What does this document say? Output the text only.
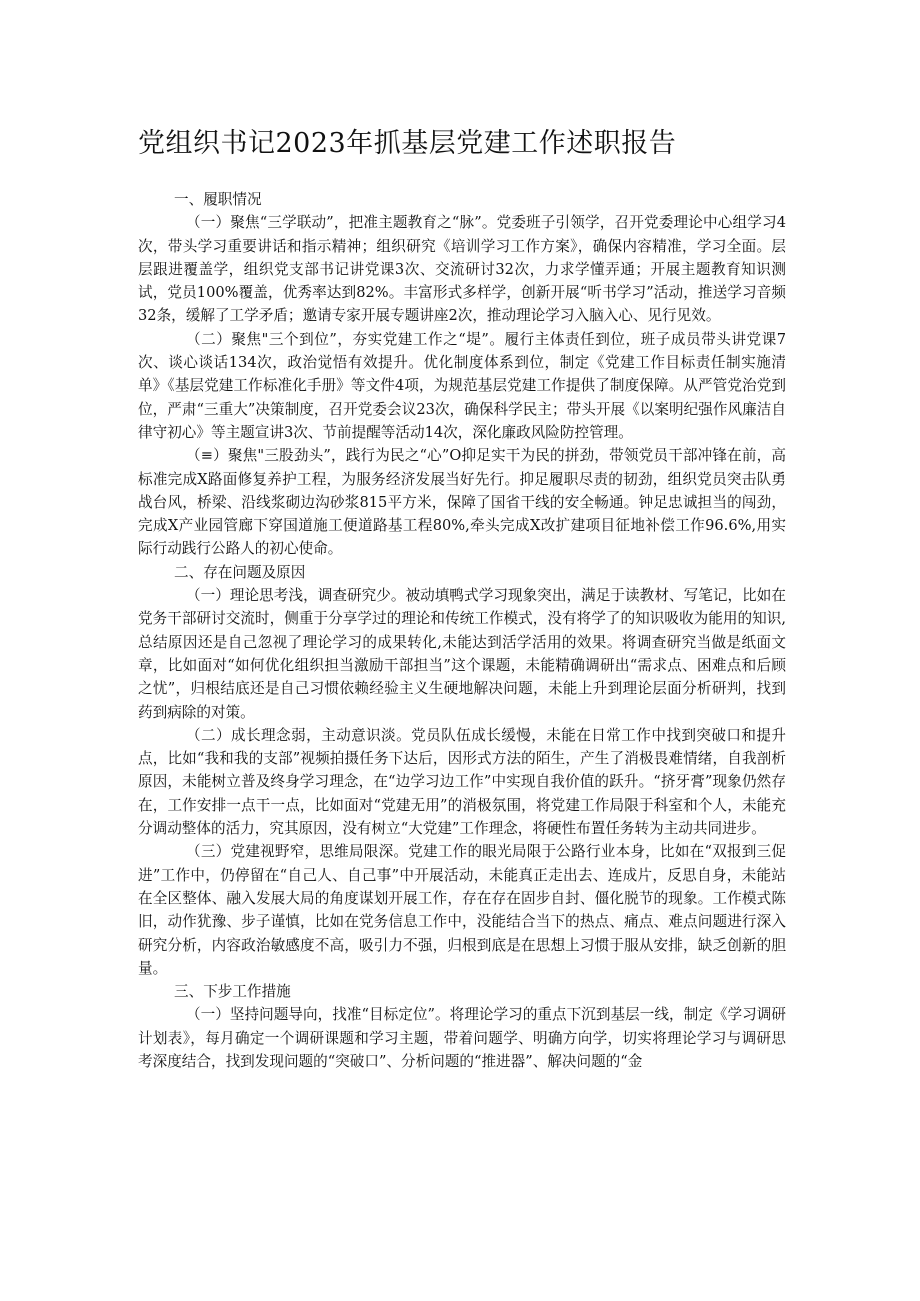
党组织书记2023年抓基层党建工作述职报告

一、履职情况

（一）聚焦“三学联动”，把准主题教育之“脉”。党委班子引领学，召开党委理论中心组学习4次，带头学习重要讲话和指示精神；组织研究《培训学习工作方案》，确保内容精准，学习全面。层层跟进覆盖学，组织党支部书记讲党课3次、交流研讨32次，力求学懂弄通；开展主题教育知识测试，党员100%覆盖，优秀率达到82%。丰富形式多样学，创新开展“听书学习”活动，推送学习音频32条，缓解了工学矛盾；邀请专家开展专题讲座2次，推动理论学习入脑入心、见行见效。

（二）聚焦"三个到位”，夯实党建工作之“堤”。履行主体责任到位，班子成员带头讲党课7次、谈心谈话134次，政治觉悟有效提升。优化制度体系到位，制定《党建工作目标责任制实施清单》《基层党建工作标准化手册》等文件4项，为规范基层党建工作提供了制度保障。从严管党治党到位，严肃“三重大”决策制度，召开党委会议23次，确保科学民主；带头开展《以案明纪强作风廉洁自律守初心》等主题宣讲3次、节前提醒等活动14次，深化廉政风险防控管理。

（≡）聚焦"三股劲头”，践行为民之“心”O抑足实干为民的拼劲，带领党员干部冲锋在前，高标准完成X路面修复养护工程，为服务经济发展当好先行。抑足履职尽责的韧劲，组织党员突击队勇战台风，桥梁、沿线浆砌边沟砂浆815平方米，保障了国省干线的安全畅通。钟足忠诚担当的闯劲，完成X产业园管廊下穿国道施工便道路基工程80%,牵头完成X改扩建项目征地补偿工作96.6%,用实际行动践行公路人的初心使命。

二、存在问题及原因

（一）理论思考浅，调查研究少。被动填鸭式学习现象突出，满足于读教材、写笔记，比如在党务干部研讨交流时，侧重于分享学过的理论和传统工作模式，没有将学了的知识吸收为能用的知识,总结原因还是自己忽视了理论学习的成果转化,未能达到活学活用的效果。将调查研究当做是纸面文章，比如面对“如何优化组织担当激励干部担当”这个课题，未能精确调研出“需求点、困难点和后顾之忧”，归根结底还是自己习惯依赖经验主义生硬地解决问题，未能上升到理论层面分析研判，找到药到病除的对策。

（二）成长理念弱，主动意识淡。党员队伍成长缓慢，未能在日常工作中找到突破口和提升点，比如“我和我的支部”视频拍摄任务下达后，因形式方法的陌生，产生了消极畏难情绪，自我剖析原因，未能树立普及终身学习理念，在“边学习边工作”中实现自我价值的跃升。“挤牙膏”现象仍然存在，工作安排一点干一点，比如面对“党建无用”的消极氛围，将党建工作局限于科室和个人，未能充分调动整体的活力，究其原因，没有树立“大党建”工作理念，将硬性布置任务转为主动共同进步。

（三）党建视野窄，思维局限深。党建工作的眼光局限于公路行业本身，比如在“双报到三促进”工作中，仍停留在“自己人、自己事”中开展活动，未能真正走出去、连成片，反思自身，未能站在全区整体、融入发展大局的角度谋划开展工作，存在存在固步自封、僵化脱节的现象。工作模式陈旧，动作犹豫、步子谨慎，比如在党务信息工作中，没能结合当下的热点、痛点、难点问题进行深入研究分析，内容政治敏感度不高，吸引力不强，归根到底是在思想上习惯于服从安排，缺乏创新的胆量。

三、下步工作措施

（一）坚持问题导向，找准“目标定位”。将理论学习的重点下沉到基层一线，制定《学习调研计划表》，每月确定一个调研课题和学习主题，带着问题学、明确方向学，切实将理论学习与调研思考深度结合，找到发现问题的“突破口”、分析问题的“推进器”、解决问题的“金
